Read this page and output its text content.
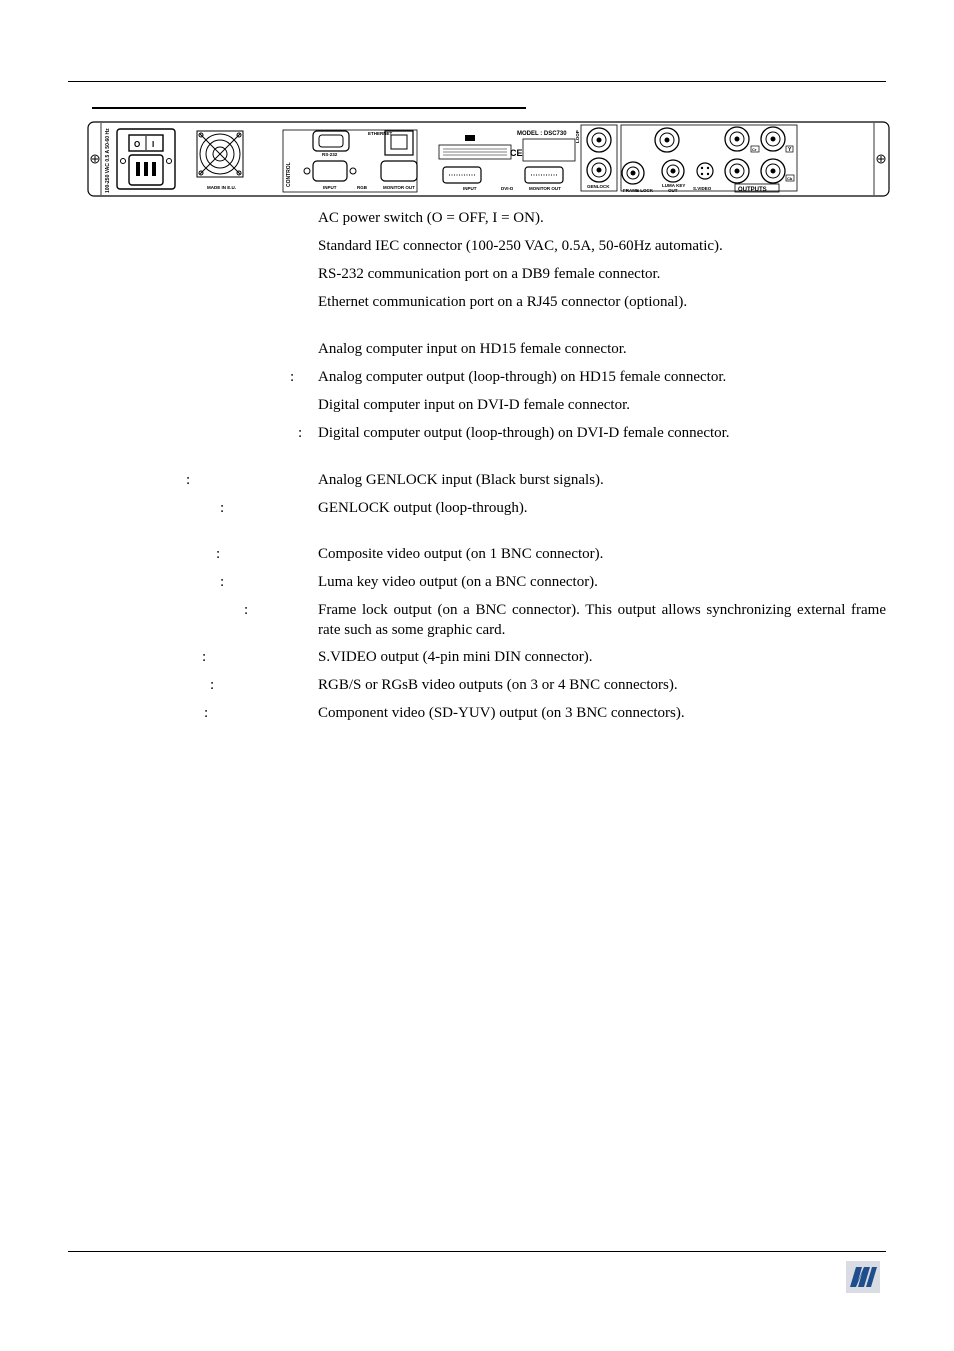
100-250 VAC 0.5 A 50-60 Hz	O I
MADE IN E.U.
CONTROL
RS-232
ETHERNET
INPUT	RGB	MONITOR OUT
MODEL : DSC730
CE
INPUT	DVI-D	MONITOR OUT
LOOP
GENLOCK
FRAME LOCK
LUMA KEY
OUT	S.VIDEO
Cr	Y
Cb
OUTPUTS
AC power switch (O = OFF, I = ON).
Standard IEC connector (100-250 VAC, 0.5A, 50-60Hz automatic).
RS-232 communication port on a DB9 female connector.
Ethernet communication port on a RJ45 connector (optional).
Analog computer input on HD15 female connector.
: Analog computer output (loop-through) on HD15 female connector.
Digital computer input on DVI-D female connector.
: Digital computer output (loop-through) on DVI-D female connector.
:	Analog GENLOCK input (Black burst signals).
:	GENLOCK output (loop-through).
:	Composite video output (on 1 BNC connector).
:	Luma key video output (on a BNC connector).
:	Frame lock output (on a BNC connector). This output allows synchronizing external frame rate such as some graphic card.
:	S.VIDEO output (4-pin mini DIN connector).
:	RGB/S or RGsB video outputs (on 3 or 4 BNC connectors).
:	Component video (SD-YUV) output (on 3 BNC connectors).
